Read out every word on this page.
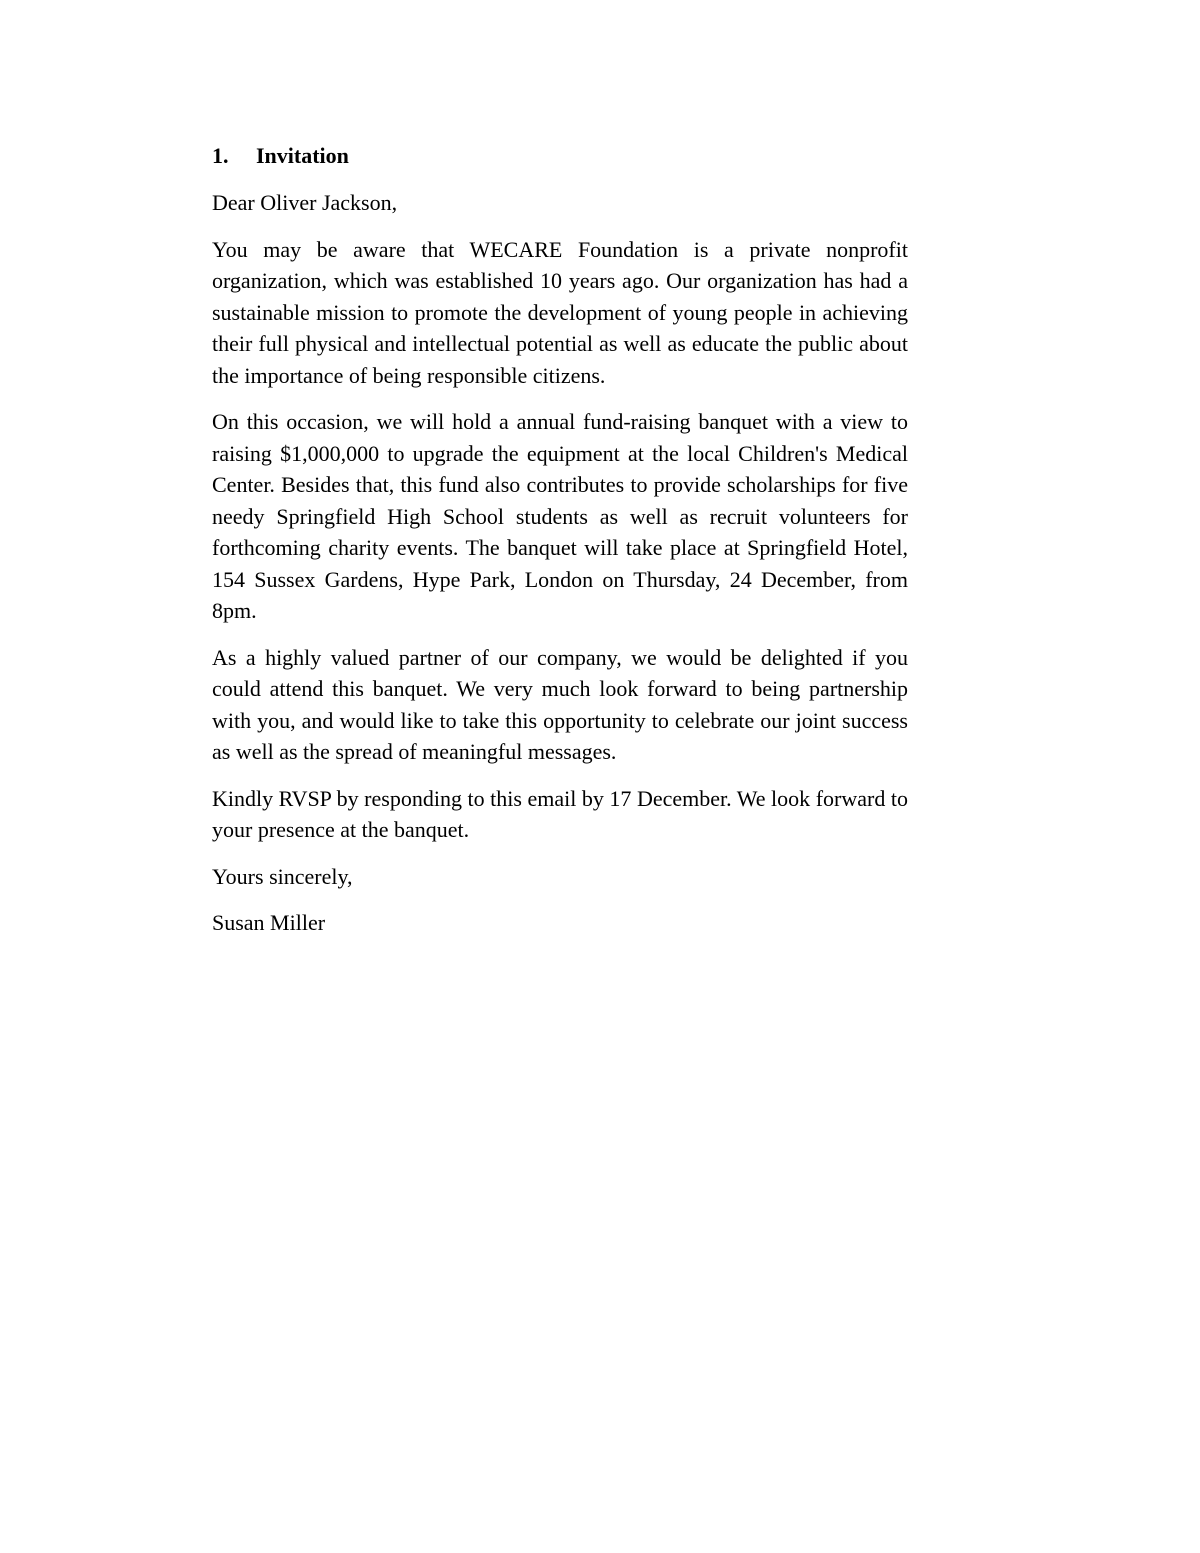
1.	Invitation

Dear Oliver Jackson,

You may be aware that WECARE Foundation is a private nonprofit organization, which was established 10 years ago. Our organization has had a sustainable mission to promote the development of young people in achieving their full physical and intellectual potential as well as educate the public about the importance of being responsible citizens.

On this occasion, we will hold a annual fund-raising banquet with a view to raising $1,000,000 to upgrade the equipment at the local Children's Medical Center. Besides that, this fund also contributes to provide scholarships for five needy Springfield High School students as well as recruit volunteers for forthcoming charity events. The banquet will take place at Springfield Hotel, 154 Sussex Gardens, Hype Park, London on Thursday, 24 December, from 8pm.

As a highly valued partner of our company, we would be delighted if you could attend this banquet. We very much look forward to being partnership with you, and would like to take this opportunity to celebrate our joint success as well as the spread of meaningful messages.

Kindly RVSP by responding to this email by 17 December. We look forward to your presence at the banquet.

Yours sincerely,

Susan Miller
